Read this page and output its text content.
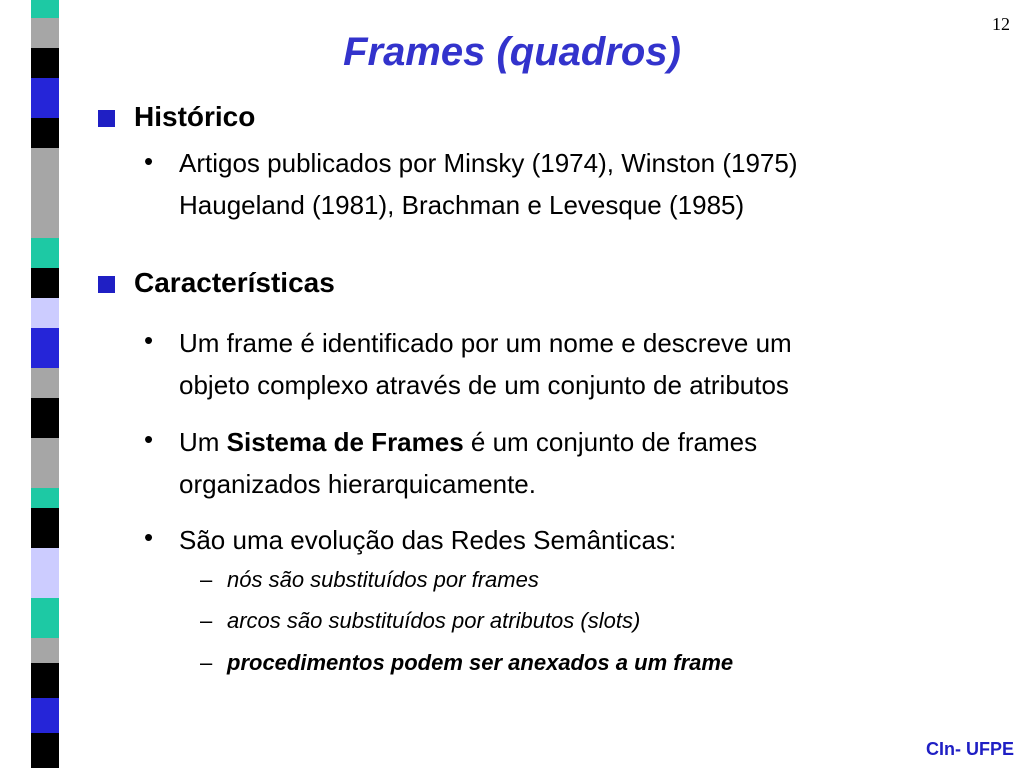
12
Frames (quadros)
Histórico
• Artigos publicados por Minsky (1974), Winston (1975)
Haugeland (1981), Brachman e Levesque (1985)
Características
• Um frame é identificado por um nome e descreve um
objeto complexo através de um conjunto de atributos
• Um Sistema de Frames é um conjunto de frames
organizados hierarquicamente.
• São uma evolução das Redes Semânticas:
– nós são substituídos por frames
– arcos são substituídos por atributos (slots)
– procedimentos podem ser anexados a um frame
CIn- UFPE
